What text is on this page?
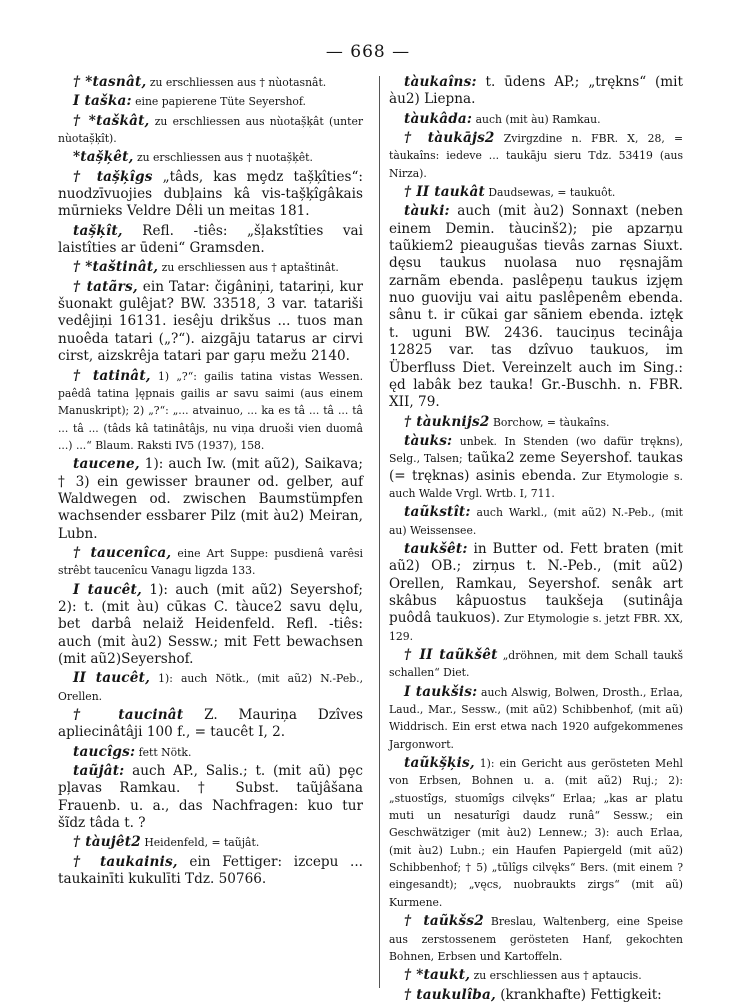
— 668 —

† *tasnât, zu erschliessen aus † nùotasnât.

I taška: eine papierene Tüte Seyershof.

† *taškât, zu erschliessen aus nùotaș̌ķât (unter nùotaș̌ķît).

*taș̌ķêt, zu erschliessen aus † nuotaș̌ķêt.

† taș̌ķîgs „tâds, kas mȩdz taș̌ķîties“: nuodzīvuojies dubļains kâ vis-taș̌ķîgâkais mūrnieks Veldre Dêli un meitas 181.

taș̌ķît, Refl. -tiês: „šļakstîties vai laistîties ar ūdeni“ Gramsden.

† *taštinât, zu erschliessen aus † aptaštinât.

† tatãrs, ein Tatar: čigâniņi, tatariņi, kur šuonakt gulêjat? BW. 33518, 3 var. tatariši vedêjiņi 16131. iesêju drikšus ... tuos man nuoêda tatari („?“). aizgāju tatarus ar cirvi cirst, aizskrêja tatari par gaŗu mežu 2140.

† tatinât, 1) „?“: gailis tatina vistas Wessen. paêdâ tatina ļępnais gailis ar savu saimi (aus einem Manuskript); 2) „?“: „... atvainuo, ... ka es tâ ... tâ ... tâ ... tâ ... (tâds kâ tatinâtâjs, nu viņa druoši vien duomâ ...) ...“ Blaum. Raksti IV5 (1937), 158.

taucene, 1): auch Iw. (mit aũ2), Saikava; † 3) ein gewisser brauner od. gelber, auf Waldwegen od. zwischen Baumstümpfen wachsender essbarer Pilz (mit àu2) Meiran, Lubn.

† taucenîca, eine Art Suppe: pusdienâ varêsi strêbt taucenîcu Vanagu ligzda 133.

I taucêt, 1): auch (mit aũ2) Seyershof; 2): t. (mit àu) cūkas C. tàuce2 savu dęlu, bet darbâ nelaiž Heidenfeld. Refl. -tiês: auch (mit àu2) Sessw.; mit Fett bewachsen (mit aũ2)Seyershof.

II taucêt, 1): auch Nötk., (mit aũ2) N.-Peb., Orellen.

† taucinât Z. Mauriņa Dzîves apliecinâtâji 100 f., = taucêt I, 2.

taucîgs: fett Nötk.

taũjât: auch AP., Salis.; t. (mit aũ) pȩc pļavas Ramkau. † Subst. taũjâšana Frauenb. u. a., das Nachfragen: kuo tur šĩdz tâda t. ?

† tàujêt2 Heidenfeld, = taũjât.

† taukainis, ein Fettiger: izcepu ... taukainīti kukulīti Tdz. 50766.

tàukaîns: t. ūdens AP.; „trękns“ (mit àu2) Liepna.

tàukâda: auch (mit àu) Ramkau.

† tàukājs2 Zvirgzdine n. FBR. X, 28, = tàukaîns: iedeve ... taukāju sieru Tdz. 53419 (aus Nirza).

† II taukât Daudsewas, = taukuôt.

tàuki: auch (mit àu2) Sonnaxt (neben einem Demin. tàucinš2); pie apzarņu taũkiem2 pieaugušas tievâs zarnas Siuxt. dęsu taukus nuolasa nuo ręsnajãm zarnãm ebenda. paslêpeņu taukus izjęm nuo guoviju vai aitu paslêpenêm ebenda. sânu t. ir cũkai gar sãniem ebenda. iztęk t. uguni BW. 2436. tauciņus tecinâja 12825 var. tas dzîvuo taukuos, im Überfluss Diet. Vereinzelt auch im Sing.: ęd labâk bez tauka! Gr.-Buschh. n. FBR. XII, 79.

† tàuknijs2 Borchow, = tàukaîns.

tàuks: unbek. In Stenden (wo dafür trękns), Selg., Talsen; taũka2 zeme Seyershof. taukas (= tręknas) asinis ebenda. Zur Etymologie s. auch Walde Vrgl. Wrtb. I, 711.

taũkstît: auch Warkl., (mit aũ2) N.-Peb., (mit au) Weissensee.

taukšêt: in Butter od. Fett braten (mit aũ2) OB.; zirņus t. N.-Peb., (mit aũ2) Orellen, Ramkau, Seyershof. senâk art skâbus kâpuostus taukšeja (sutinâja puôdâ taukuos). Zur Etymologie s. jetzt FBR. XX, 129.

† II taũkšêt „dröhnen, mit dem Schall taukš schallen“ Diet.

I taukšis: auch Alswig, Bolwen, Drosth., Erlaa, Laud., Mar., Sessw., (mit aũ2) Schibbenhof, (mit aũ) Widdrisch. Ein erst etwa nach 1920 aufgekommenes Jargonwort.

taũkș̌ķis, 1): ein Gericht aus gerösteten Mehl von Erbsen, Bohnen u. a. (mit aũ2) Ruj.; 2): „stuostîgs, stuomîgs cilvęks“ Erlaa; „kas ar platu muti un nesaturîgi daudz runâ“ Sessw.; ein Geschwätziger (mit àu2) Lennew.; 3): auch Erlaa, (mit àu2) Lubn.; ein Haufen Papiergeld (mit aũ2) Schibbenhof; † 5) „tūlîgs cilvęks“ Bers. (mit einem ? eingesandt); „vęcs, nuobraukts zirgs“ (mit aũ) Kurmene.

† taũkšs2 Breslau, Waltenberg, eine Speise aus zerstossenem gerösteten Hanf, gekochten Bohnen, Erbsen und Kartoffeln.

† *taukt, zu erschliessen aus † aptaucis.

† taukulîba, (krankhafte) Fettigkeit:
